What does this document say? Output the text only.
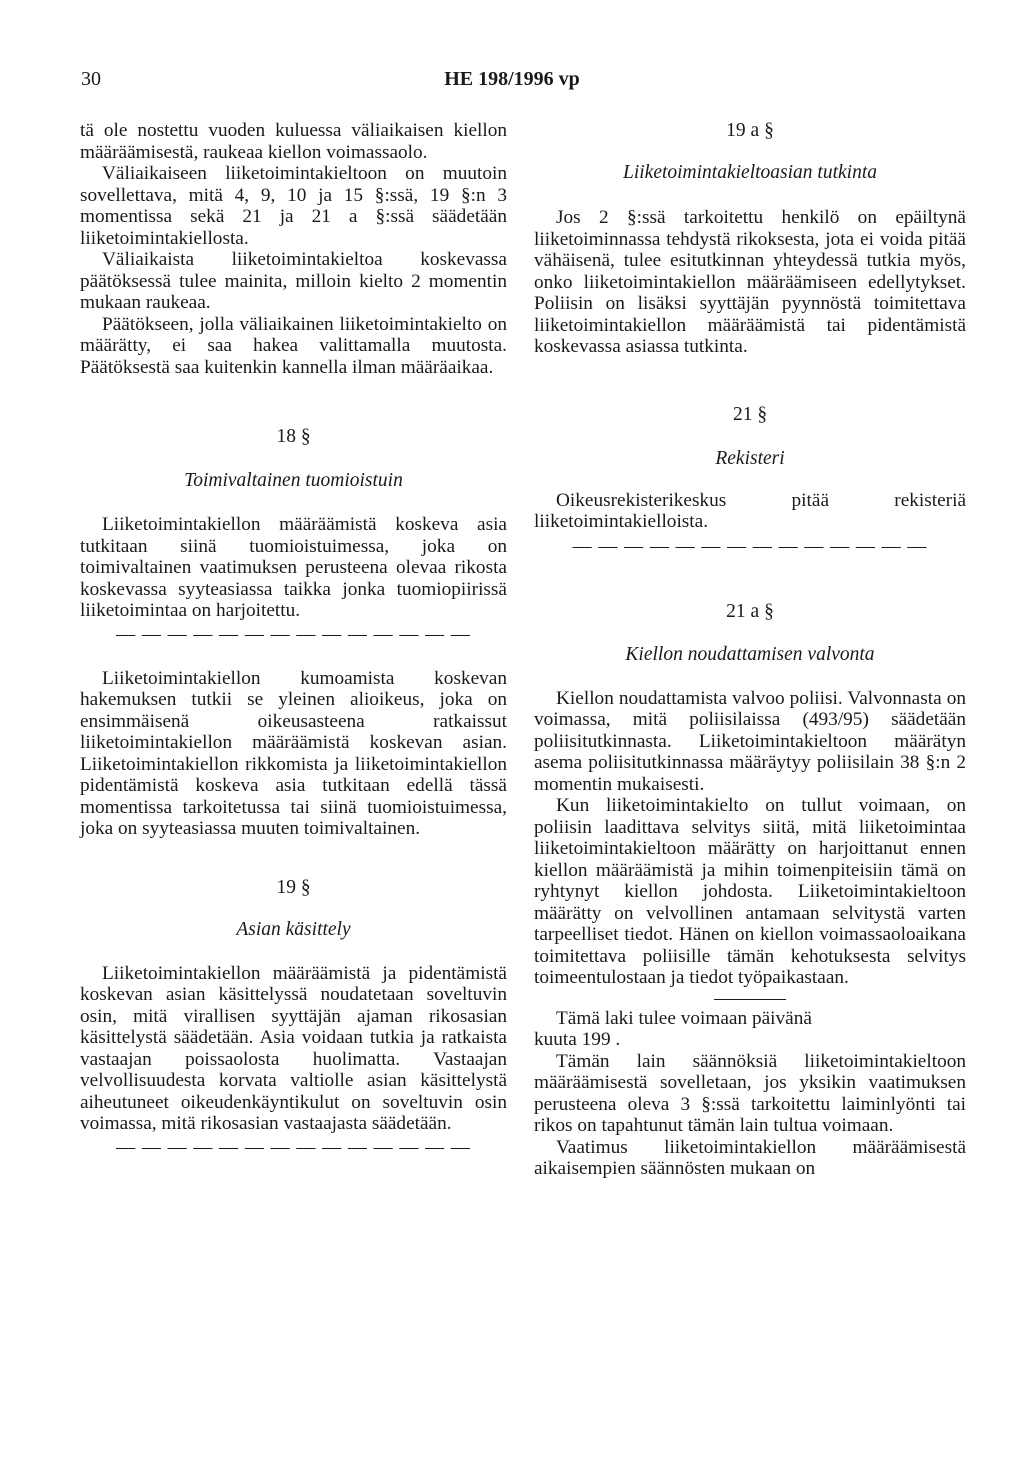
30	HE 198/1996 vp

tä ole nostettu vuoden kuluessa väliaikaisen kiellon määräämisestä, raukeaa kiellon voimassaolo.

Väliaikaiseen liiketoimintakieltoon on muutoin sovellettava, mitä 4, 9, 10 ja 15 §:ssä, 19 §:n 3 momentissa sekä 21 ja 21 a §:ssä säädetään liiketoimintakiellosta.

Väliaikaista liiketoimintakieltoa koskevassa päätöksessä tulee mainita, milloin kielto 2 momentin mukaan raukeaa.

Päätökseen, jolla väliaikainen liiketoimintakielto on määrätty, ei saa hakea valittamalla muutosta. Päätöksestä saa kuitenkin kannella ilman määräaikaa.

18 §
Toimivaltainen tuomioistuin

Liiketoimintakiellon määräämistä koskeva asia tutkitaan siinä tuomioistuimessa, joka on toimivaltainen vaatimuksen perusteena olevaa rikosta koskevassa syyteasiassa taikka jonka tuomiopiirissä liiketoimintaa on harjoitettu.

— — — — — — — — — — — — — —

Liiketoimintakiellon kumoamista koskevan hakemuksen tutkii se yleinen alioikeus, joka on ensimmäisenä oikeusasteena ratkaissut liiketoimintakiellon määräämistä koskevan asian. Liiketoimintakiellon rikkomista ja liiketoimintakiellon pidentämistä koskeva asia tutkitaan edellä tässä momentissa tarkoitetussa tai siinä tuomioistuimessa, joka on syyteasiassa muuten toimivaltainen.

19 §
Asian käsittely

Liiketoimintakiellon määräämistä ja pidentämistä koskevan asian käsittelyssä noudatetaan soveltuvin osin, mitä virallisen syyttäjän ajaman rikosasian käsittelystä säädetään. Asia voidaan tutkia ja ratkaista vastaajan poissaolosta huolimatta. Vastaajan velvollisuudesta korvata valtiolle asian käsittelystä aiheutuneet oikeudenkäyntikulut on soveltuvin osin voimassa, mitä rikosasian vastaajasta säädetään.

— — — — — — — — — — — — — —
19 a §
Liiketoimintakieltoasian tutkinta

Jos 2 §:ssä tarkoitettu henkilö on epäiltynä liiketoiminnassa tehdystä rikoksesta, jota ei voida pitää vähäisenä, tulee esitutkinnan yhteydessä tutkia myös, onko liiketoimintakiellon määräämiseen edellytykset. Poliisin on lisäksi syyttäjän pyynnöstä toimitettava liiketoimintakiellon määräämistä tai pidentämistä koskevassa asiassa tutkinta.

21 §
Rekisteri

Oikeusrekisterikeskus pitää rekisteriä liiketoimintakielloista.

— — — — — — — — — — — — — —
21 a §
Kiellon noudattamisen valvonta

Kiellon noudattamista valvoo poliisi. Valvonnasta on voimassa, mitä poliisilaissa (493/95) säädetään poliisitutkinnasta. Liiketoimintakieltoon määrätyn asema poliisitutkinnassa määräytyy poliisilain 38 §:n 2 momentin mukaisesti.

Kun liiketoimintakielto on tullut voimaan, on poliisin laadittava selvitys siitä, mitä liiketoimintaa liiketoimintakieltoon määrätty on harjoittanut ennen kiellon määräämistä ja mihin toimenpiteisiin tämä on ryhtynyt kiellon johdosta. Liiketoimintakieltoon määrätty on velvollinen antamaan selvitystä varten tarpeelliset tiedot. Hänen on kiellon voimassaoloaikana toimitettava poliisille tämän kehotuksesta selvitys toimeentulostaan ja tiedot työpaikastaan.

Tämä laki tulee voimaan päivänä

kuuta 199 .

Tämän lain säännöksiä liiketoimintakieltoon määräämisestä sovelletaan, jos yksikin vaatimuksen perusteena oleva 3 §:ssä tarkoitettu laiminlyönti tai rikos on tapahtunut tämän lain tultua voimaan.

Vaatimus liiketoimintakiellon määräämisestä aikaisempien säännösten mukaan on
